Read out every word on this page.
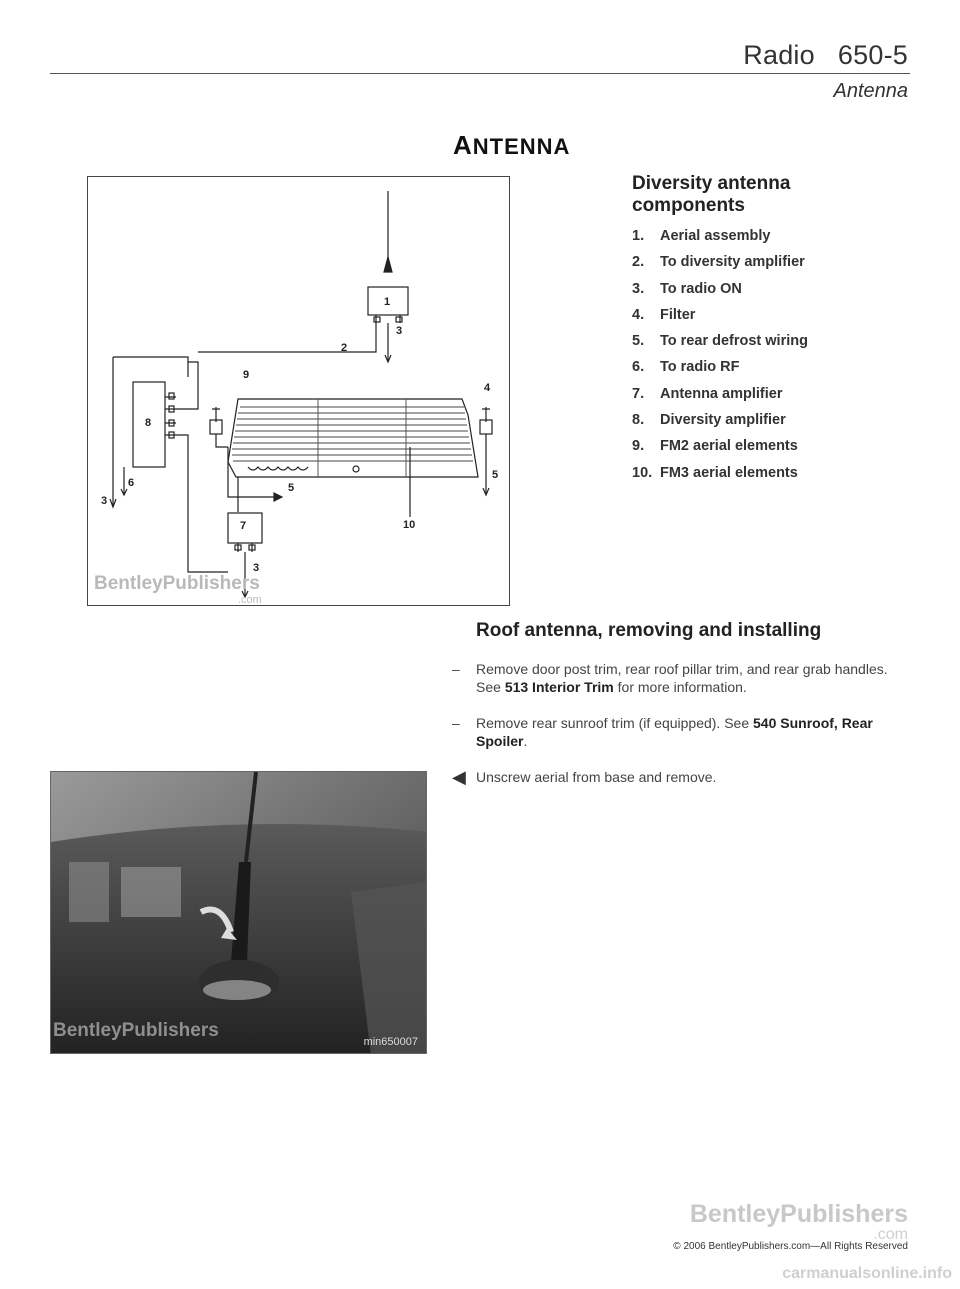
Radio   650-5
Antenna
ANTENNA
1
2
3
3
3
4
5
5
6
7
8
9
10
BentleyPublishers
.com
Diversity antenna components
1.	Aerial assembly
2.	To diversity amplifier
3.	To radio ON
4.	Filter
5.	To rear defrost wiring
6.	To radio RF
7.	Antenna amplifier
8.	Diversity amplifier
9.	FM2 aerial elements
10. FM3 aerial elements
Roof antenna, removing and installing
– Remove door post trim, rear roof pillar trim, and rear grab handles. See 513 Interior Trim for more information.
– Remove rear sunroof trim (if equipped). See 540 Sunroof, Rear Spoiler.
◀ Unscrew aerial from base and remove.
BentleyPublishers
min650007
BentleyPublishers
.com
© 2006 BentleyPublishers.com—All Rights Reserved
carmanualsonline.info
